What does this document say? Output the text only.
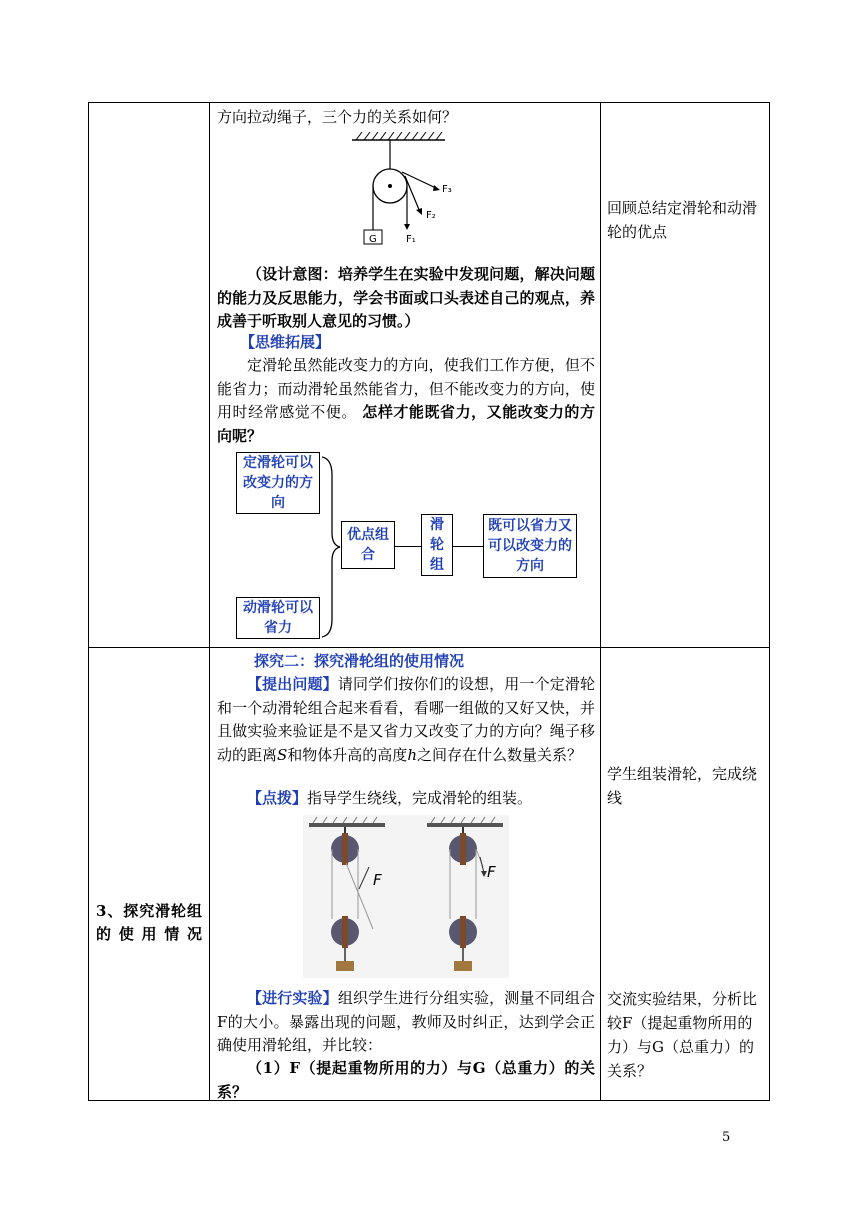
方向拉动绳子，三个力的关系如何？
G
F₃
F₂
F₁
（设计意图：培养学生在实验中发现问题，解决问题的能力及反思能力，学会书面或口头表述自己的观点，养成善于听取别人意见的习惯。）
【思维拓展】
定滑轮虽然能改变力的方向，使我们工作方便，但不能省力；而动滑轮虽然能省力，但不能改变力的方向，使用时经常感觉不便。 怎样才能既省力，又能改变力的方向呢？
定滑轮可以改变力的方向
动滑轮可以省力
优点组合
滑轮组
既可以省力又可以改变力的方向
回顾总结定滑轮和动滑轮的优点
3、探究滑轮组的使用情况
探究二：探究滑轮组的使用情况
【提出问题】请同学们按你们的设想，用一个定滑轮和一个动滑轮组合起来看看，看哪一组做的又好又快，并且做实验来验证是不是又省力又改变了力的方向？绳子移动的距离S和物体升高的高度h之间存在什么数量关系？
【点拨】指导学生绕线，完成滑轮的组装。
F	F
【进行实验】组织学生进行分组实验，测量不同组合F的大小。暴露出现的问题，教师及时纠正，达到学会正确使用滑轮组，并比较：
（1）F（提起重物所用的力）与G（总重力）的关系？
学生组装滑轮，完成绕线
交流实验结果，分析比较F（提起重物所用的力）与G（总重力）的关系？
5
